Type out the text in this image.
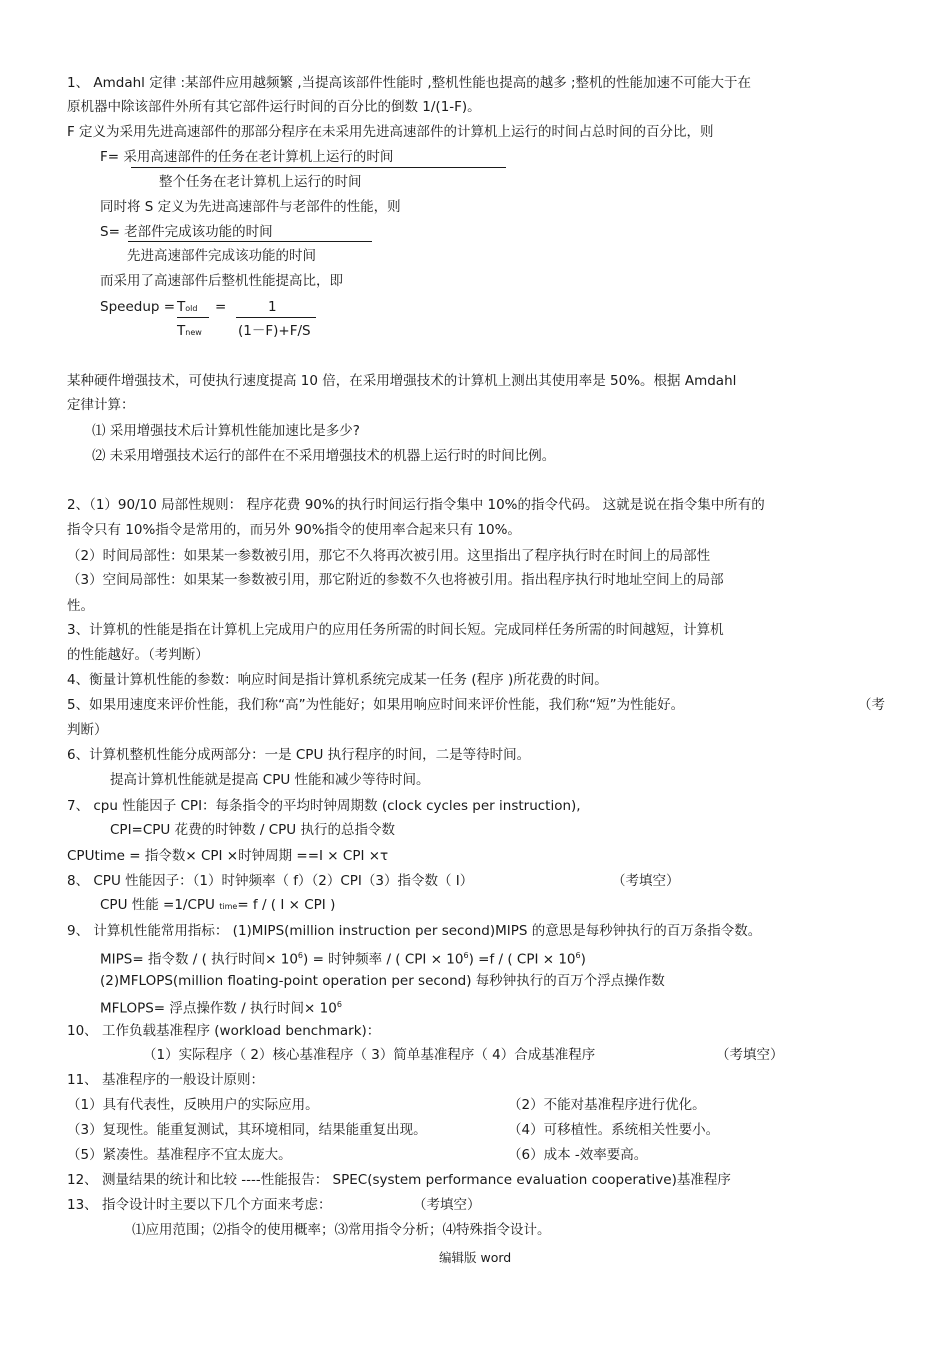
1、 Amdahl 定律 :某部件应用越频繁 ,当提高该部件性能时 ,整机性能也提高的越多 ;整机的性能加速不可能大于在
原机器中除该部件外所有其它部件运行时间的百分比的倒数 1/(1-F)。
F 定义为采用先进高速部件的那部分程序在未采用先进高速部件的计算机上运行的时间占总时间的百分比，则
F= 采用高速部件的任务在老计算机上运行的时间
整个任务在老计算机上运行的时间
同时将 S 定义为先进高速部件与老部件的性能，则
S= 老部件完成该功能的时间
先进高速部件完成该功能的时间
而采用了高速部件后整机性能提高比，即
Speedup = Told =	1
Tnew	(1－F)+F/S
某种硬件增强技术，可使执行速度提高 10 倍，在采用增强技术的计算机上测出其使用率是 50%。根据 Amdahl
定律计算：
⑴ 采用增强技术后计算机性能加速比是多少?
⑵ 未采用增强技术运行的部件在不采用增强技术的机器上运行时的时间比例。
2、（1）90/10 局部性规则： 程序花费 90%的执行时间运行指令集中 10%的指令代码。 这就是说在指令集中所有的
指令只有 10%指令是常用的，而另外 90%指令的使用率合起来只有 10%。
（2）时间局部性：如果某一参数被引用，那它不久将再次被引用。这里指出了程序执行时在时间上的局部性
（3）空间局部性：如果某一参数被引用，那它附近的参数不久也将被引用。指出程序执行时地址空间上的局部
性。
3、计算机的性能是指在计算机上完成用户的应用任务所需的时间长短。完成同样任务所需的时间越短，计算机
的性能越好。（考判断）
4、衡量计算机性能的参数：响应时间是指计算机系统完成某一任务 (程序 )所花费的时间。
5、如果用速度来评价性能，我们称“高”为性能好；如果用响应时间来评价性能，我们称“短”为性能好。	（考
判断）
6、计算机整机性能分成两部分：一是 CPU 执行程序的时间，二是等待时间。
提高计算机性能就是提高 CPU 性能和减少等待时间。
7、 cpu 性能因子 CPI：每条指令的平均时钟周期数 (clock cycles per instruction),
CPI=CPU 花费的时钟数 / CPU 执行的总指令数
CPUtime = 指令数× CPI ×时钟周期 ==I × CPI ×τ
8、 CPU 性能因子：（1）时钟频率（ f）（2）CPI（3）指令数（ I）	（考填空）
CPU 性能 =1/CPU time= f / ( I × CPI )
9、 计算机性能常用指标： (1)MIPS(million instruction per second)MIPS 的意思是每秒钟执行的百万条指令数。
MIPS= 指令数 / ( 执行时间× $10^6$) = 时钟频率 / ( CPI × $10^6) =f$ / ( CPI × $10^6$)
(2)MFLOPS(million floating-point operation per second) 每秒钟执行的百万个浮点操作数
MFLOPS= 浮点操作数 / 执行时间× $10^6$
10、 工作负载基准程序 (workload benchmark)：
（1）实际程序（ 2）核心基准程序（ 3）简单基准程序（ 4）合成基准程序	（考填空）
11、 基准程序的一般设计原则：
（1）具有代表性，反映用户的实际应用。	（2）不能对基准程序进行优化。
（3）复现性。能重复测试，其环境相同，结果能重复出现。	（4）可移植性。系统相关性要小。
（5）紧凑性。基准程序不宜太庞大。	（6）成本 -效率要高。
12、 测量结果的统计和比较 ----性能报告： SPEC(system performance evaluation cooperative)基准程序
13、 指令设计时主要以下几个方面来考虑：	（考填空）
⑴应用范围；⑵指令的使用概率；⑶常用指令分析；⑷特殊指令设计。
编辑版 word
